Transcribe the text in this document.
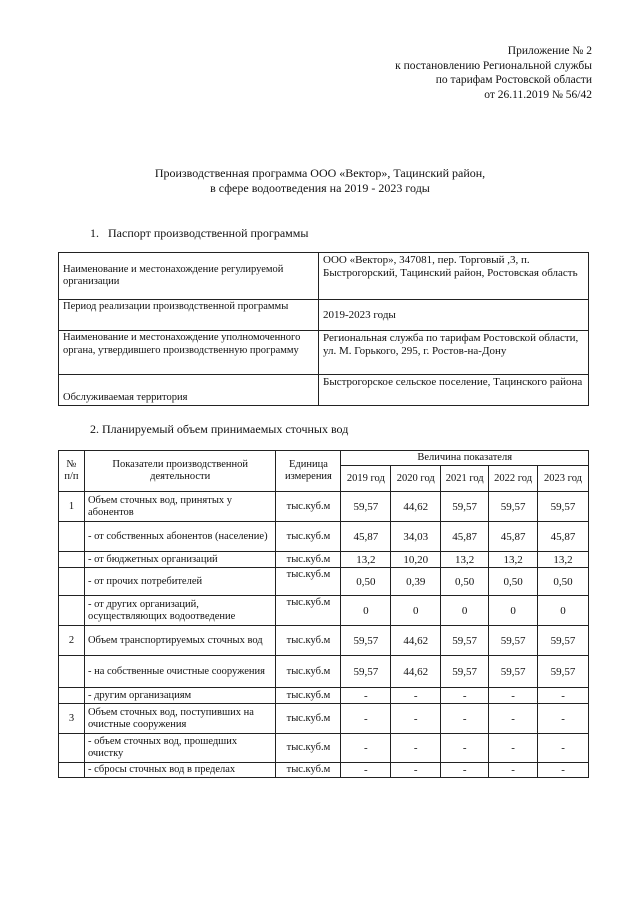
Приложение № 2
к постановлению Региональной службы
по тарифам Ростовской области
от 26.11.2019 № 56/42
Производственная программа ООО «Вектор», Тацинский район,
в сфере водоотведения на 2019 - 2023 годы
1. Паспорт производственной программы
Наименование и местонахождение регулируемой организации	ООО «Вектор», 347081, пер. Торговый ,3, п. Быстрогорский, Тацинский район, Ростовская область
Период реализации производственной программы	2019-2023 годы
Наименование и местонахождение уполномоченного органа, утвердившего производственную программу	Региональная служба по тарифам Ростовской области, ул. М. Горького, 295, г. Ростов-на-Дону
Обслуживаемая территория	Быстрогорское сельское поселение, Тацинского района
2. Планируемый объем принимаемых сточных вод
№ п/п	Показатели производственной деятельности	Единица измерения	Величина показателя				
			2019 год	2020 год	2021 год	2022 год	2023 год
1	Объем сточных вод, принятых у абонентов	тыс.куб.м	59,57	44,62	59,57	59,57	59,57
	- от собственных абонентов (население)	тыс.куб.м	45,87	34,03	45,87	45,87	45,87
	- от бюджетных организаций	тыс.куб.м	13,2	10,20	13,2	13,2	13,2
	- от прочих потребителей	тыс.куб.м	0,50	0,39	0,50	0,50	0,50
	- от других организаций, осуществляющих водоотведение	тыс.куб.м	0	0	0	0	0
2	Объем транспортируемых сточных вод	тыс.куб.м	59,57	44,62	59,57	59,57	59,57
	- на собственные очистные сооружения	тыс.куб.м	59,57	44,62	59,57	59,57	59,57
	- другим организациям	тыс.куб.м	-	-	-	-	-
3	Объем сточных вод, поступивших на очистные сооружения	тыс.куб.м	-	-	-	-	-
	- объем сточных вод, прошедших очистку	тыс.куб.м	-	-	-	-	-
	- сбросы сточных вод в пределах	тыс.куб.м	-	-	-	-	-
